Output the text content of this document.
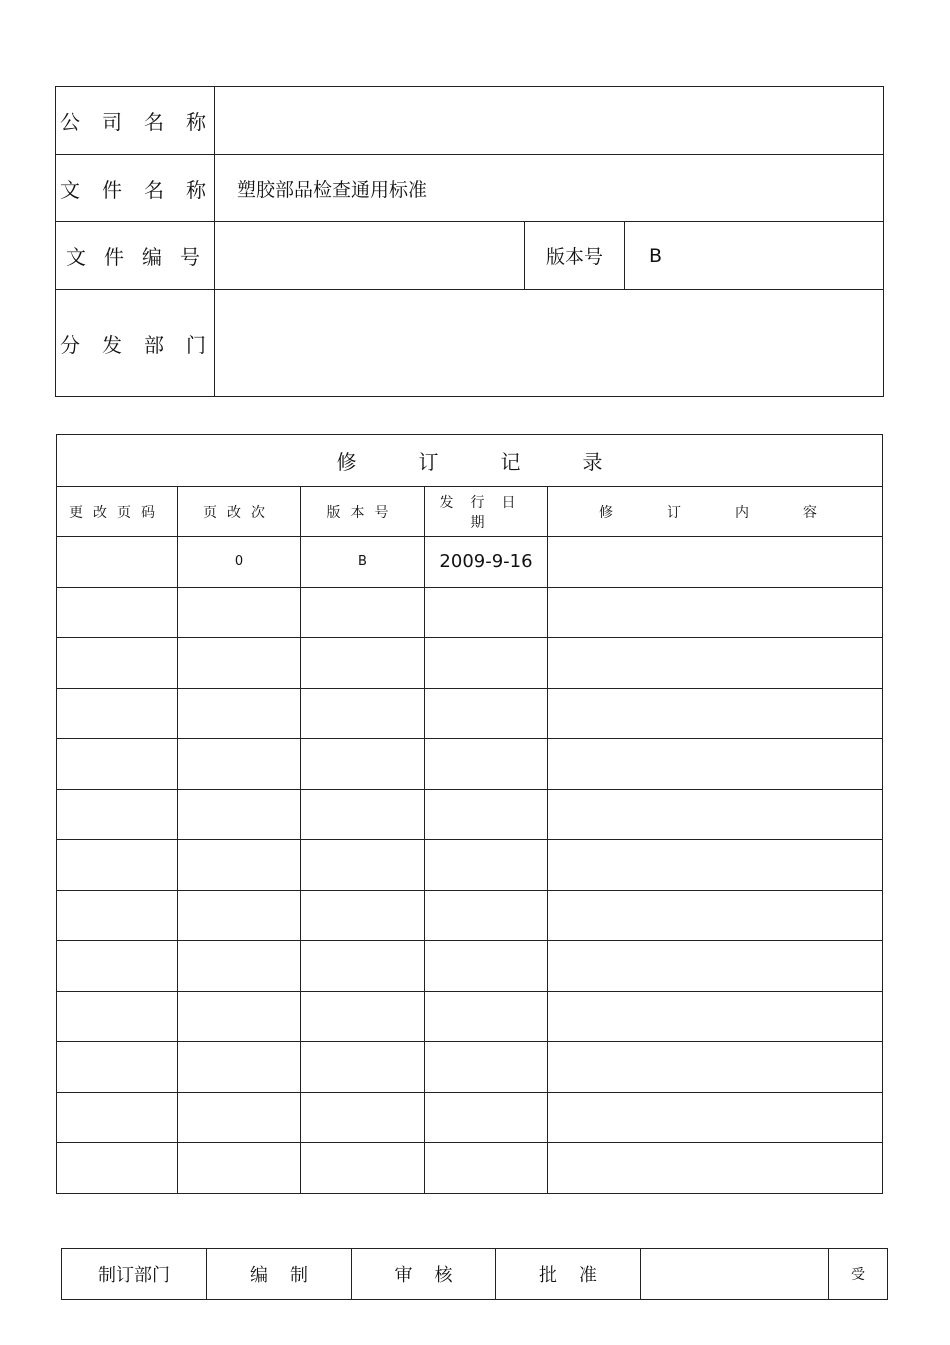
公司名称			
文件名称	塑胶部品检查通用标准		
文件编号		版本号	B
分发部门			
修订记录				
更改页码	页改次	版本号	发行日期	修订内容
	0	B	2009-9-16	

制订部门	编制	审核	批准		受
